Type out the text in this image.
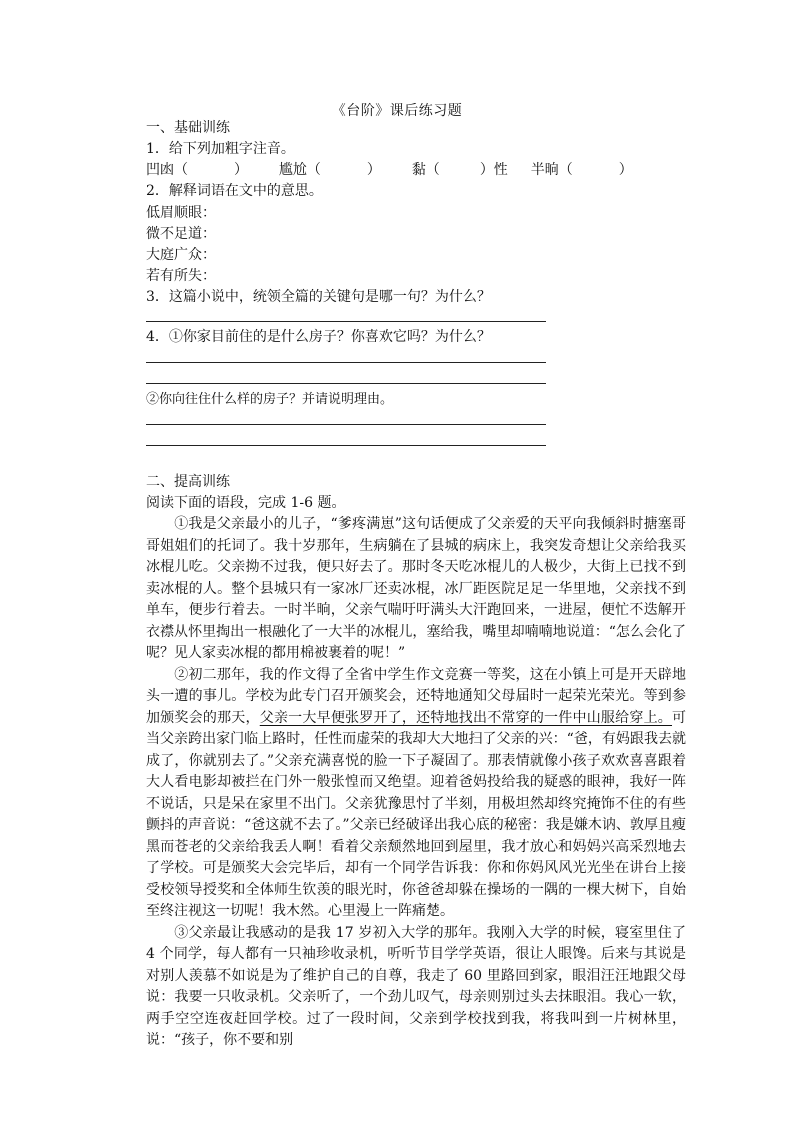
《台阶》课后练习题
一、基础训练
1．给下列加粗字注音。
凹凼（	） 尴尬（	） 黏（	）性 半晌（	）
2．解释词语在文中的意思。
低眉顺眼：
微不足道：
大庭广众：
若有所失：
3．这篇小说中，统领全篇的关键句是哪一句？为什么？
4．①你家目前住的是什么房子？你喜欢它吗？为什么？
②你向往住什么样的房子？并请说明理由。
二、提高训练
阅读下面的语段，完成 1-6 题。

①我是父亲最小的儿子，“爹疼满崽”这句话便成了父亲爱的天平向我倾斜时搪塞哥哥姐姐们的托词了。我十岁那年，生病躺在了县城的病床上，我突发奇想让父亲给我买冰棍儿吃。父亲拗不过我，便只好去了。那时冬天吃冰棍儿的人极少，大街上已找不到卖冰棍的人。整个县城只有一家冰厂还卖冰棍，冰厂距医院足足一华里地，父亲找不到单车，便步行着去。一时半晌，父亲气喘吁吁满头大汗跑回来，一进屋，便忙不迭解开衣襟从怀里掏出一根融化了一大半的冰棍儿，塞给我，嘴里却喃喃地说道：“怎么会化了呢？见人家卖冰棍的都用棉被裹着的呢！”

②初二那年，我的作文得了全省中学生作文竞赛一等奖，这在小镇上可是开天辟地头一遭的事儿。学校为此专门召开颁奖会，还特地通知父母届时一起荣光荣光。等到参加颁奖会的那天，父亲一大早便张罗开了，还特地找出不常穿的一件中山服给穿上。可当父亲跨出家门临上路时，任性而虚荣的我却大大地扫了父亲的兴：“爸，有妈跟我去就成了，你就别去了。”父亲充满喜悦的脸一下子凝固了。那表情就像小孩子欢欢喜喜跟着大人看电影却被拦在门外一般张惶而又绝望。迎着爸妈投给我的疑惑的眼神，我好一阵不说话，只是呆在家里不出门。父亲犹豫思忖了半刻，用极坦然却终究掩饰不住的有些颤抖的声音说：“爸这就不去了。”父亲已经破译出我心底的秘密：我是嫌木讷、敦厚且瘦黑而苍老的父亲给我丢人啊！看着父亲颓然地回到屋里，我才放心和妈妈兴高采烈地去了学校。可是颁奖大会完毕后，却有一个同学告诉我：你和你妈风风光光坐在讲台上接受校领导授奖和全体师生钦羡的眼光时，你爸爸却躲在操场的一隅的一棵大树下，自始至终注视这一切呢！我木然。心里漫上一阵痛楚。

③父亲最让我感动的是我 17 岁初入大学的那年。我刚入大学的时候，寝室里住了 4 个同学，每人都有一只袖珍收录机，听听节目学学英语，很让人眼馋。后来与其说是对别人羡慕不如说是为了维护自己的自尊，我走了 60 里路回到家，眼泪汪汪地跟父母说：我要一只收录机。父亲听了，一个劲儿叹气，母亲则别过头去抹眼泪。我心一软，两手空空连夜赶回学校。过了一段时间，父亲到学校找到我，将我叫到一片树林里，说：“孩子，你不要和别
